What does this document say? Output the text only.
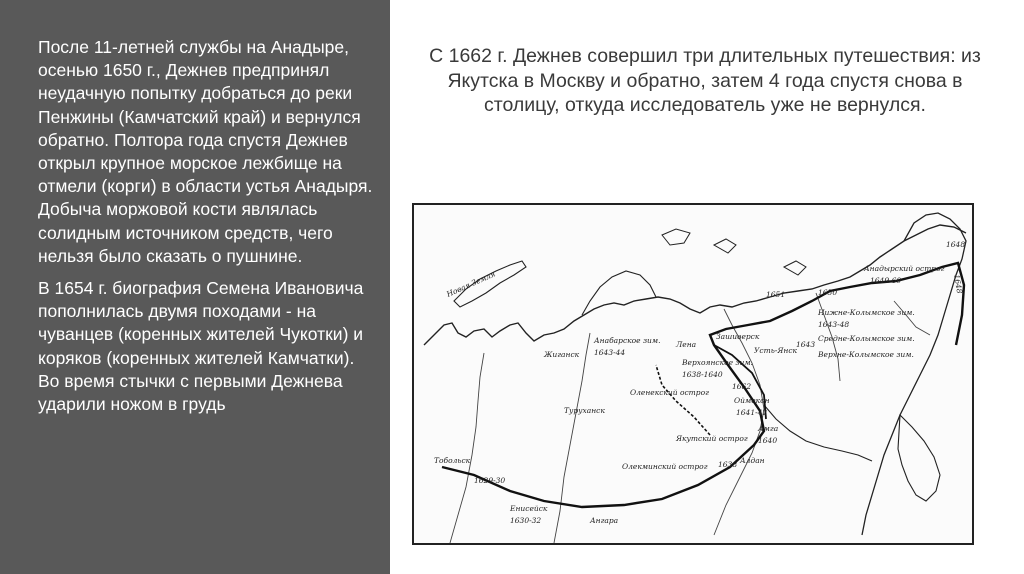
После 11-летней службы на Анадыре, осенью 1650 г., Дежнев предпринял неудачную попытку добраться до реки Пенжины (Камчатский край) и вернулся обратно. Полтора года спустя Дежнев открыл крупное морское лежбище на отмели (корги) в области устья Анадыря. Добыча моржовой кости являлась солидным источником средств, чего нельзя было сказать о пушнине.

В 1654 г. биография Семена Ивановича пополнилась двумя походами - на чуванцев (коренных жителей Чукотки) и коряков (коренных жителей Камчатки). Во время стычки с первыми Дежнева ударили ножом в грудь

С 1662 г. Дежнев совершил три длительных путешествия: из Якутска в Москву и обратно, затем 4 года спустя снова в столицу, откуда исследователь уже не вернулся.

Новая Земля
Тобольск
1629-30
Енисейск
1630-32	Ангара
Туруханск
Якутский острог
Олекминский острог 1638 Алдан
Амга
1640
Оймекон
1641-42
Верхоянское зим.
1638-1640
Оленекский острог
Жиганск
Зашиверск
Анабарское зим.
1643-44	Усть-Янск
1643
1651	1650
Нижне-Колымское зим.
1643-48
Средне-Колымское зим.
Верхне-Колымское зим.
Анадырский острог
1649-60
1648
1648
Лена
1662
